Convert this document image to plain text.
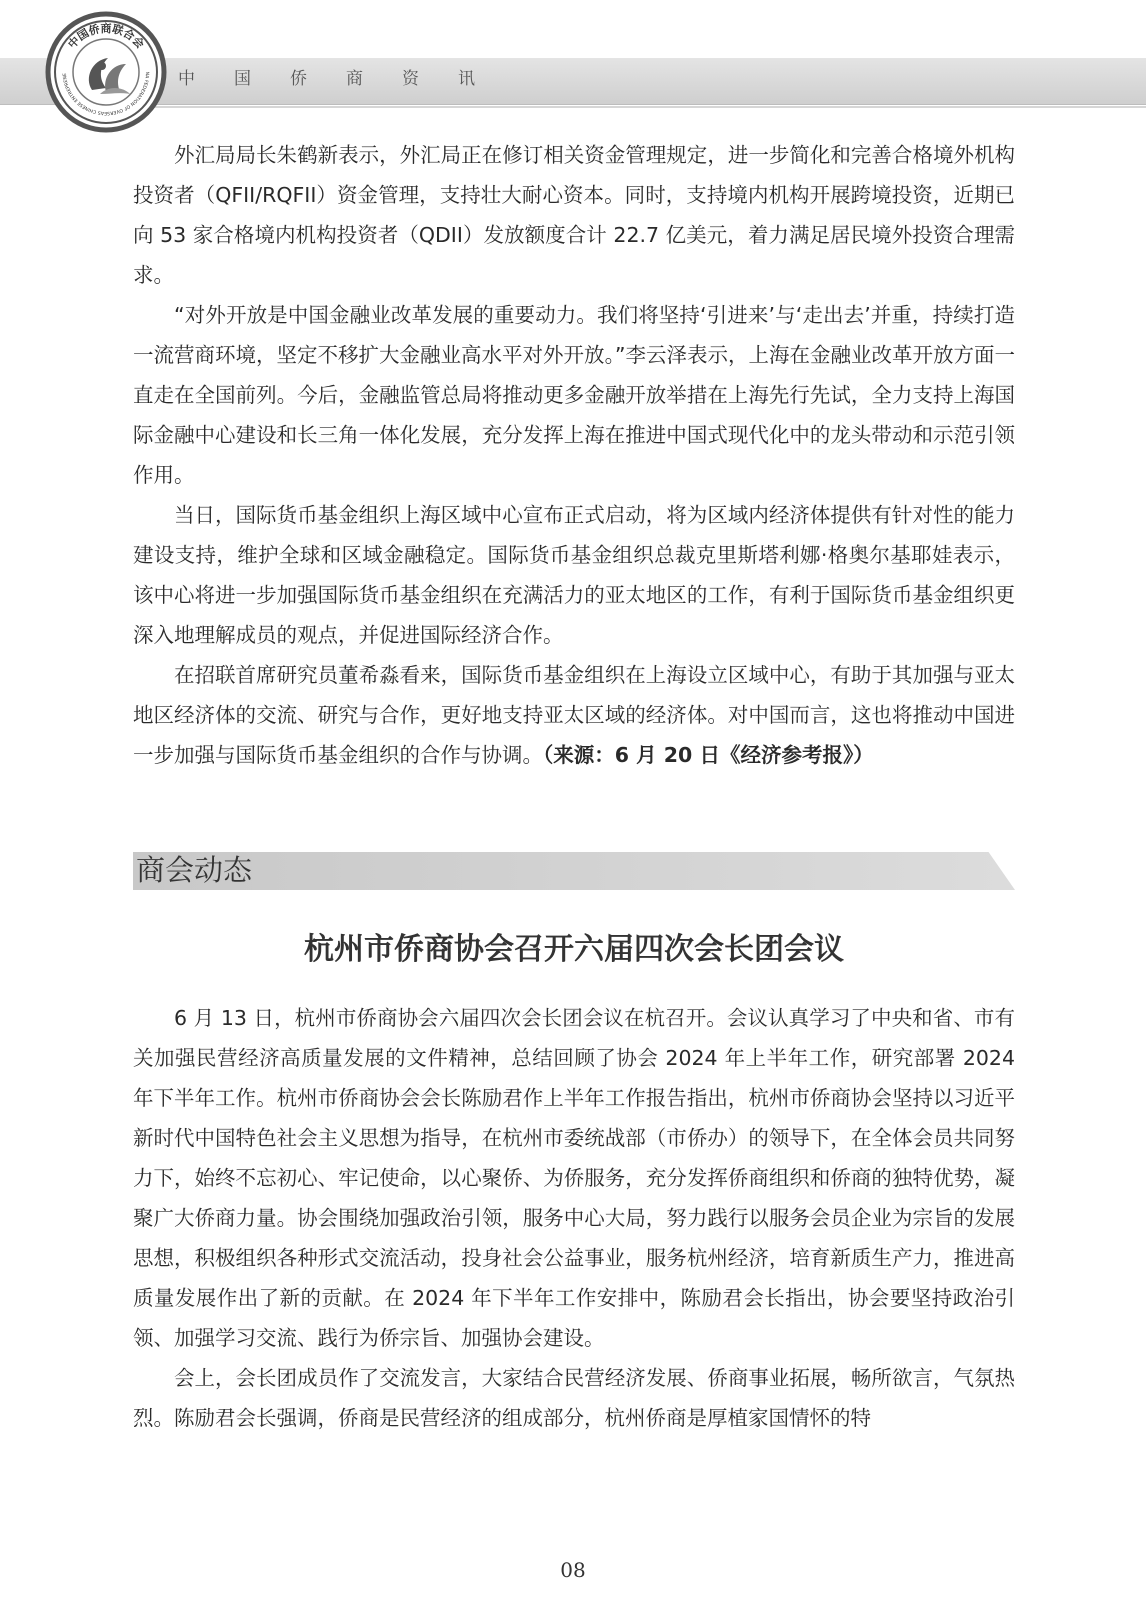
中国侨商资讯
中国侨商联合会
NA FEDERATION OF OVERSEAS CHINESE ENTREPRENE

外汇局局长朱鹤新表示，外汇局正在修订相关资金管理规定，进一步简化和完善合格境外机构投资者（QFII/RQFII）资金管理，支持壮大耐心资本。同时，支持境内机构开展跨境投资，近期已向 53 家合格境内机构投资者（QDII）发放额度合计 22.7 亿美元，着力满足居民境外投资合理需求。

“对外开放是中国金融业改革发展的重要动力。我们将坚持‘引进来’与‘走出去’并重，持续打造一流营商环境，坚定不移扩大金融业高水平对外开放。”李云泽表示，上海在金融业改革开放方面一直走在全国前列。今后，金融监管总局将推动更多金融开放举措在上海先行先试，全力支持上海国际金融中心建设和长三角一体化发展，充分发挥上海在推进中国式现代化中的龙头带动和示范引领作用。

当日，国际货币基金组织上海区域中心宣布正式启动，将为区域内经济体提供有针对性的能力建设支持，维护全球和区域金融稳定。国际货币基金组织总裁克里斯塔利娜·格奥尔基耶娃表示，该中心将进一步加强国际货币基金组织在充满活力的亚太地区的工作，有利于国际货币基金组织更深入地理解成员的观点，并促进国际经济合作。

在招联首席研究员董希淼看来，国际货币基金组织在上海设立区域中心，有助于其加强与亚太地区经济体的交流、研究与合作，更好地支持亚太区域的经济体。对中国而言，这也将推动中国进一步加强与国际货币基金组织的合作与协调。（来源：6 月 20 日《经济参考报》）

商会动态
杭州市侨商协会召开六届四次会长团会议

6 月 13 日，杭州市侨商协会六届四次会长团会议在杭召开。会议认真学习了中央和省、市有关加强民营经济高质量发展的文件精神，总结回顾了协会 2024 年上半年工作，研究部署 2024 年下半年工作。杭州市侨商协会会长陈励君作上半年工作报告指出，杭州市侨商协会坚持以习近平新时代中国特色社会主义思想为指导，在杭州市委统战部（市侨办）的领导下，在全体会员共同努力下，始终不忘初心、牢记使命，以心聚侨、为侨服务，充分发挥侨商组织和侨商的独特优势，凝聚广大侨商力量。协会围绕加强政治引领，服务中心大局，努力践行以服务会员企业为宗旨的发展思想，积极组织各种形式交流活动，投身社会公益事业，服务杭州经济，培育新质生产力，推进高质量发展作出了新的贡献。在 2024 年下半年工作安排中，陈励君会长指出，协会要坚持政治引领、加强学习交流、践行为侨宗旨、加强协会建设。

会上，会长团成员作了交流发言，大家结合民营经济发展、侨商事业拓展，畅所欲言，气氛热烈。陈励君会长强调，侨商是民营经济的组成部分，杭州侨商是厚植家国情怀的特

08
